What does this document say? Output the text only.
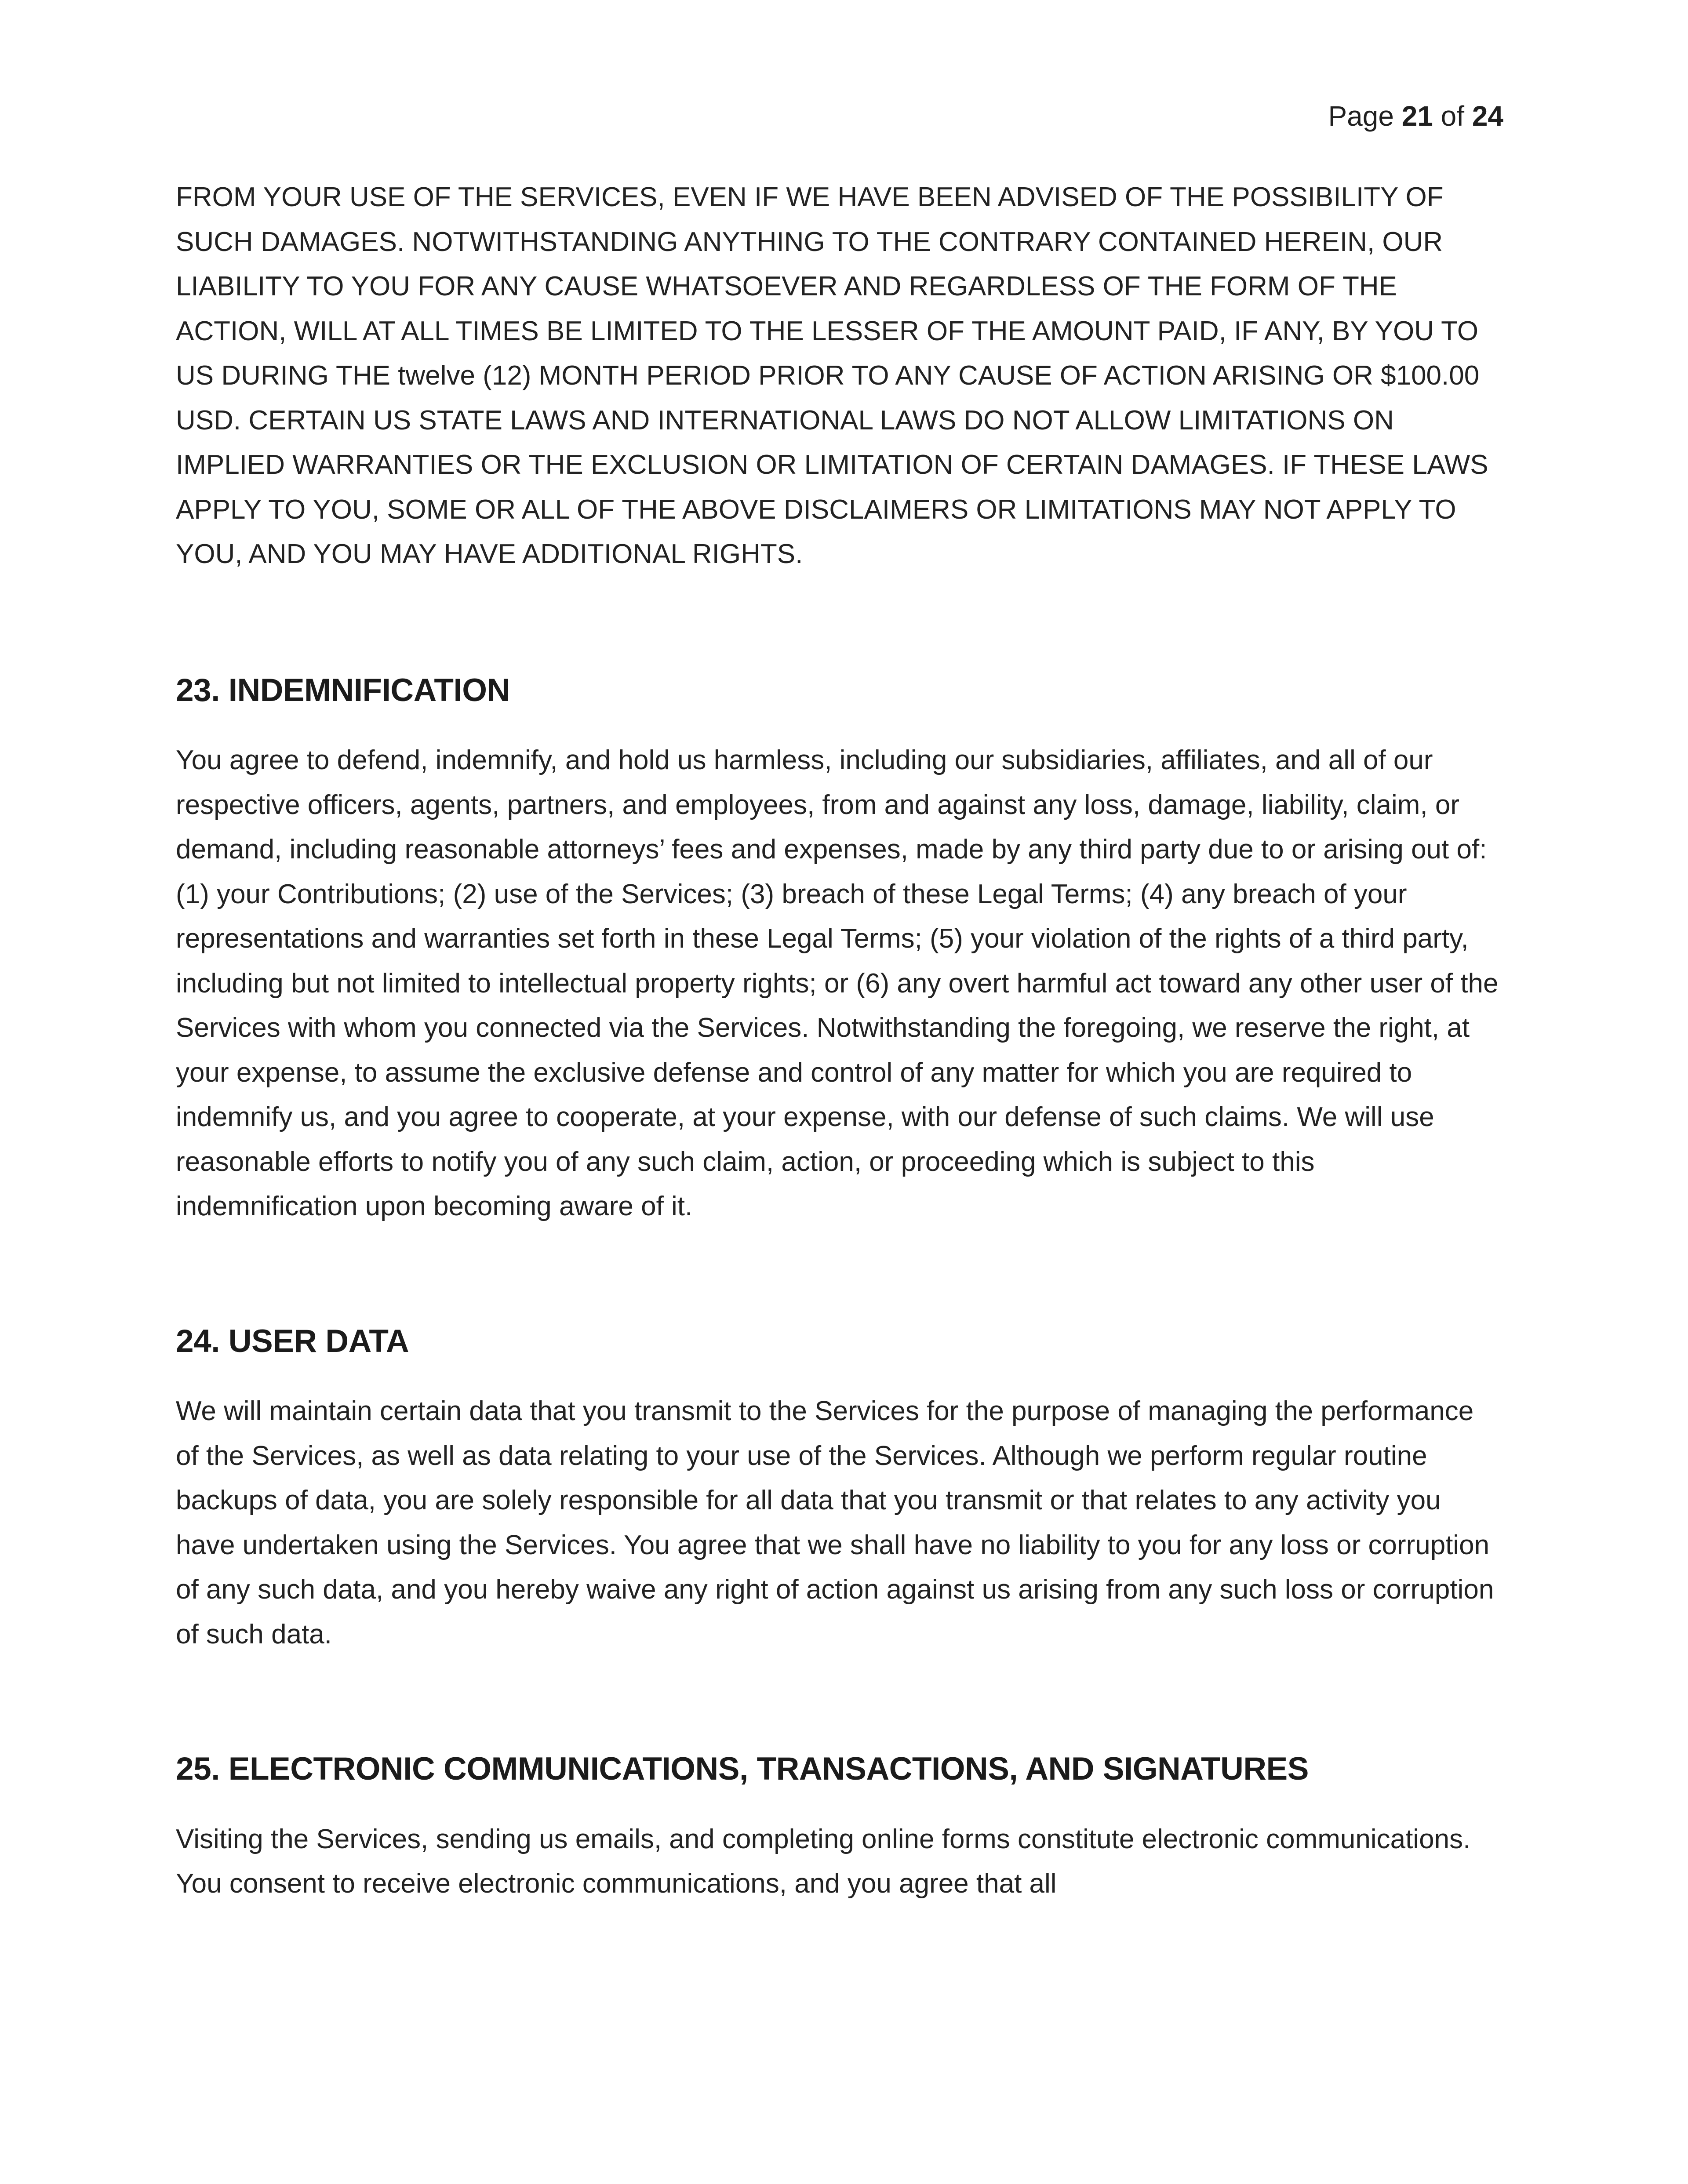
Page 21 of 24

FROM YOUR USE OF THE SERVICES, EVEN IF WE HAVE BEEN ADVISED OF THE POSSIBILITY OF SUCH DAMAGES. NOTWITHSTANDING ANYTHING TO THE CONTRARY CONTAINED HEREIN, OUR LIABILITY TO YOU FOR ANY CAUSE WHATSOEVER AND REGARDLESS OF THE FORM OF THE ACTION, WILL AT ALL TIMES BE LIMITED TO THE LESSER OF THE AMOUNT PAID, IF ANY, BY YOU TO US DURING THE twelve (12) MONTH PERIOD PRIOR TO ANY CAUSE OF ACTION ARISING OR $100.00 USD. CERTAIN US STATE LAWS AND INTERNATIONAL LAWS DO NOT ALLOW LIMITATIONS ON IMPLIED WARRANTIES OR THE EXCLUSION OR LIMITATION OF CERTAIN DAMAGES. IF THESE LAWS APPLY TO YOU, SOME OR ALL OF THE ABOVE DISCLAIMERS OR LIMITATIONS MAY NOT APPLY TO YOU, AND YOU MAY HAVE ADDITIONAL RIGHTS.

23. INDEMNIFICATION

You agree to defend, indemnify, and hold us harmless, including our subsidiaries, affiliates, and all of our respective officers, agents, partners, and employees, from and against any loss, damage, liability, claim, or demand, including reasonable attorneys’ fees and expenses, made by any third party due to or arising out of: (1) your Contributions; (2) use of the Services; (3) breach of these Legal Terms; (4) any breach of your representations and warranties set forth in these Legal Terms; (5) your violation of the rights of a third party, including but not limited to intellectual property rights; or (6) any overt harmful act toward any other user of the Services with whom you connected via the Services. Notwithstanding the foregoing, we reserve the right, at your expense, to assume the exclusive defense and control of any matter for which you are required to indemnify us, and you agree to cooperate, at your expense, with our defense of such claims. We will use reasonable efforts to notify you of any such claim, action, or proceeding which is subject to this indemnification upon becoming aware of it.

24. USER DATA

We will maintain certain data that you transmit to the Services for the purpose of managing the performance of the Services, as well as data relating to your use of the Services. Although we perform regular routine backups of data, you are solely responsible for all data that you transmit or that relates to any activity you have undertaken using the Services. You agree that we shall have no liability to you for any loss or corruption of any such data, and you hereby waive any right of action against us arising from any such loss or corruption of such data.

25. ELECTRONIC COMMUNICATIONS, TRANSACTIONS, AND SIGNATURES

Visiting the Services, sending us emails, and completing online forms constitute electronic communications. You consent to receive electronic communications, and you agree that all
